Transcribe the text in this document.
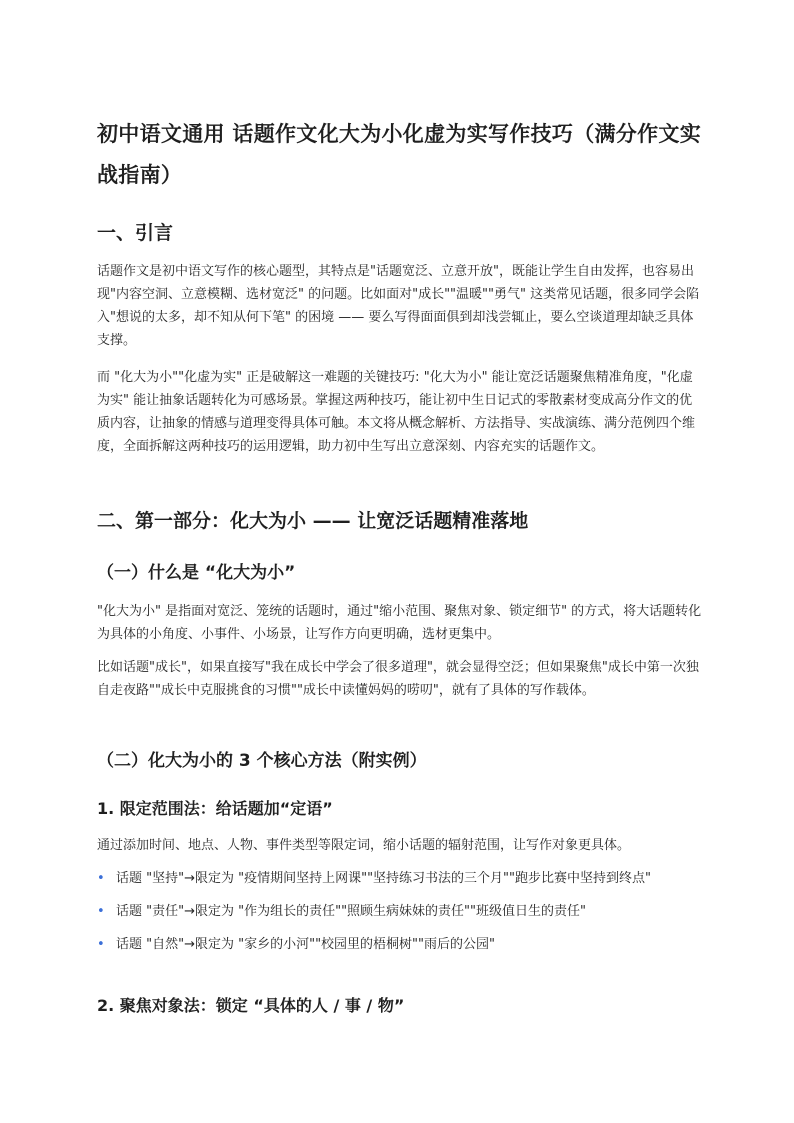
初中语文通用 话题作文化大为小化虚为实写作技巧（满分作文实战指南）
一、引言

话题作文是初中语文写作的核心题型，其特点是"话题宽泛、立意开放"，既能让学生自由发挥，也容易出现"内容空洞、立意模糊、选材宽泛" 的问题。比如面对"成长""温暖""勇气" 这类常见话题，很多同学会陷入"想说的太多，却不知从何下笔" 的困境 —— 要么写得面面俱到却浅尝辄止，要么空谈道理却缺乏具体支撑。

而 "化大为小""化虚为实" 正是破解这一难题的关键技巧: "化大为小" 能让宽泛话题聚焦精准角度，"化虚为实" 能让抽象话题转化为可感场景。掌握这两种技巧，能让初中生日记式的零散素材变成高分作文的优质内容，让抽象的情感与道理变得具体可触。本文将从概念解析、方法指导、实战演练、满分范例四个维度，全面拆解这两种技巧的运用逻辑，助力初中生写出立意深刻、内容充实的话题作文。

二、第一部分：化大为小 —— 让宽泛话题精准落地
（一）什么是 “化大为小”

"化大为小" 是指面对宽泛、笼统的话题时，通过"缩小范围、聚焦对象、锁定细节" 的方式，将大话题转化为具体的小角度、小事件、小场景，让写作方向更明确，选材更集中。

比如话题"成长"，如果直接写"我在成长中学会了很多道理"，就会显得空泛；但如果聚焦"成长中第一次独自走夜路""成长中克服挑食的习惯""成长中读懂妈妈的唠叨"，就有了具体的写作载体。

（二）化大为小的 3 个核心方法（附实例）
1. 限定范围法：给话题加“定语”

通过添加时间、地点、人物、事件类型等限定词，缩小话题的辐射范围，让写作对象更具体。

• 话题 "坚持"→限定为 "疫情期间坚持上网课""坚持练习书法的三个月""跑步比赛中坚持到终点"
• 话题 "责任"→限定为 "作为组长的责任""照顾生病妹妹的责任""班级值日生的责任"
• 话题 "自然"→限定为 "家乡的小河""校园里的梧桐树""雨后的公园"
2. 聚焦对象法：锁定 “具体的人 / 事 / 物”
